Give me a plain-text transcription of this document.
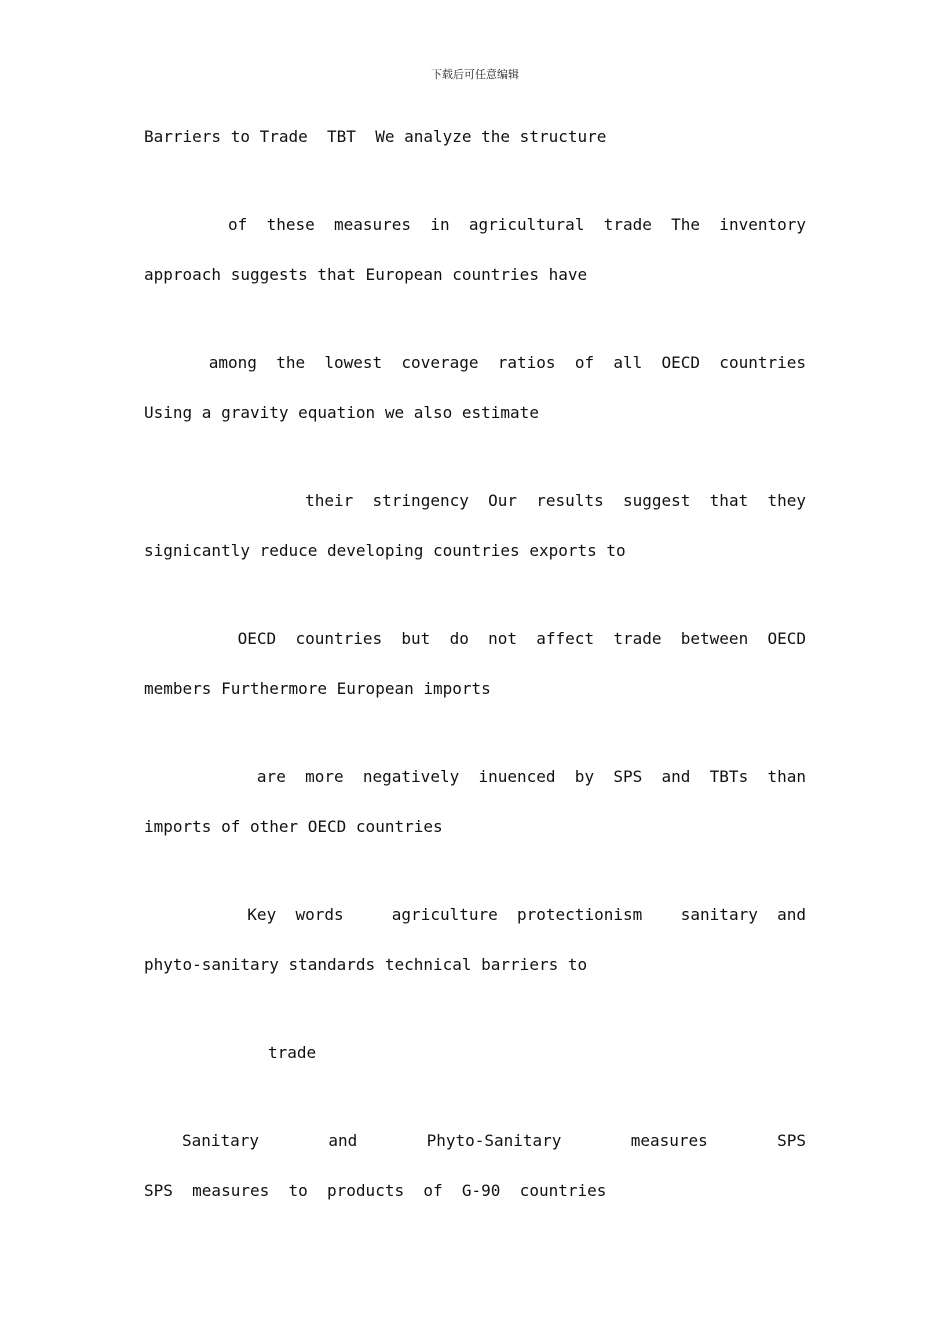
下载后可任意编辑
Barriers to Trade  TBT  We analyze the structure
of  these  measures  in  agricultural  trade  The  inventory
approach suggests that European countries have
among  the  lowest  coverage  ratios  of  all  OECD  countries
Using a gravity equation we also estimate
their  stringency  Our  results  suggest  that  they
signicantly reduce developing countries exports to
OECD  countries  but  do  not  affect  trade  between  OECD
members Furthermore European imports
are  more  negatively  inuenced  by  SPS  and  TBTs  than
imports of other OECD countries
Key  words     agriculture  protectionism    sanitary  and
phyto-sanitary standards technical barriers to
trade
Sanitary and Phyto-Sanitary measures SPS
SPS  measures  to  products  of  G-90  countries
